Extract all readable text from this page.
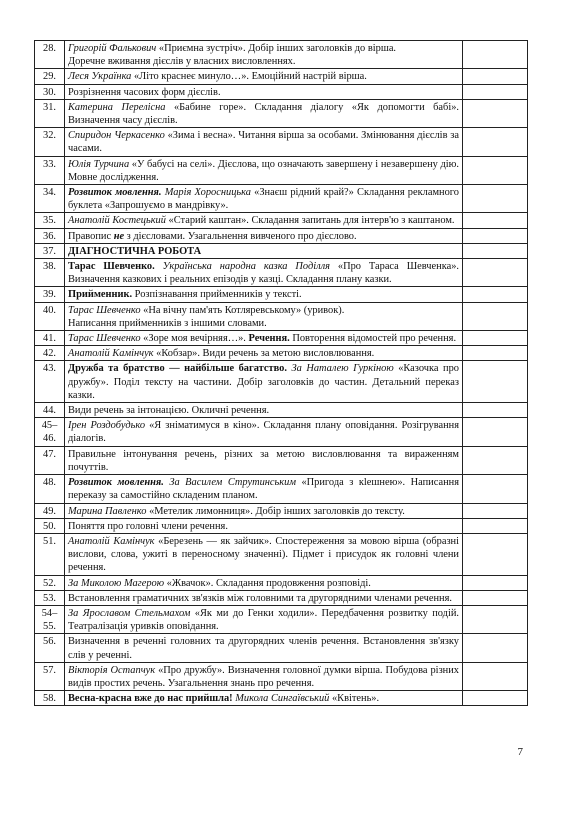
28.	Григорій Фалькович «Приємна зустріч». Добір інших заголовків до вірша.
Доречне вживання дієслів у власних висловленнях.	

29.	Леся Українка «Літо краснеє минуло…». Емоційний настрій вірша.	
30.	Розрізнення часових форм дієслів.	
31.	Катерина Перелісна «Бабине горе». Складання діалогу «Як допомогти бабі». Визначення часу дієслів.	
32.	Спиридон Черкасенко «Зима і весна». Читання вірша за особами. Змінювання дієслів за часами.	
33.	Юлія Турчина «У бабусі на селі». Дієслова, що означають завершену і незавершену дію. Мовне дослідження.	
34.	Розвиток мовлення. Марія Хоросницька «Знаєш рідний край?» Складання рекламного буклета «Запрошуємо в мандрівку».	
35.	Анатолій Костецький «Старий каштан». Складання запитань для інтерв'ю з каштаном.	
36.	Правопис не з дієсловами. Узагальнення вивченого про дієслово.	
37.	ДІАГНОСТИЧНА РОБОТА	
38.	Тарас Шевченко. Українська народна казка Поділля «Про Тараса Шевченка». Визначення казкових і реальних епізодів у казці. Складання плану казки.	
39.	Прийменник. Розпізнавання прийменників у тексті.	
40.	Тарас Шевченко «На вічну пам'ять Котляревському» (уривок).
Написання прийменників з іншими словами.	

41.	Тарас Шевченко «Зоре моя вечірняя…». Речення. Повторення відомостей про речення.	
42.	Анатолій Камінчук «Кобзар». Види речень за метою висловлювання.	
43.	Дружба та братство — найбільше багатство. За Наталею Гуркіною «Казочка про дружбу». Поділ тексту на частини. Добір заголовків до частин. Детальний переказ казки.	
44.	Види речень за інтонацією. Окличні речення.	
45–46.	Ірен Роздобудько «Я зніматимуся в кіно». Складання плану оповідання. Розігрування діалогів.	
47.	Правильне інтонування речень, різних за метою висловлювання та вираженням почуттів.	
48.	Розвиток мовлення. За Василем Струтинським «Пригода з кleшнею». Написання переказу за самостійно складеним планом.	
49.	Марина Павленко «Метелик лимонниця». Добір інших заголовків до тексту.	
50.	Поняття про головні члени речення.	
51.	Анатолій Камінчук «Березень — як зайчик». Спостереження за мовою вірша (образні вислови, слова, ужиті в переносному значенні). Підмет і присудок як головні члени речення.	
52.	За Миколою Магерою «Жвачок». Складання продовження розповіді.	
53.	Встановлення граматичних зв'язків між головними та другорядними членами речення.	
54–55.	За Ярославом Стельмахом «Як ми до Генки ходили». Передбачення розвитку подій. Театралізація уривків оповідання.	
56.	Визначення в реченні головних та другорядних членів речення. Встановлення зв'язку слів у реченні.	
57.	Вікторія Остапчук «Про дружбу». Визначення головної думки вірша. Побудова різних видів простих речень. Узагальнення знань про речення.	
58.	Весна-красна вже до нас прийшла! Микола Сингаївський «Квітень».	
7
